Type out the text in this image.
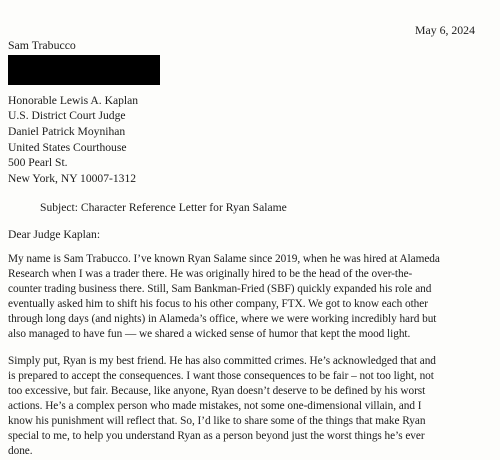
May 6, 2024
Sam Trabucco
Honorable Lewis A. Kaplan
U.S. District Court Judge
Daniel Patrick Moynihan
United States Courthouse
500 Pearl St.
New York, NY 10007-1312
Subject: Character Reference Letter for Ryan Salame
Dear Judge Kaplan:
My name is Sam Trabucco. I’ve known Ryan Salame since 2019, when he was hired at Alameda
Research when I was a trader there. He was originally hired to be the head of the over-the-
counter trading business there. Still, Sam Bankman-Fried (SBF) quickly expanded his role and
eventually asked him to shift his focus to his other company, FTX. We got to know each other
through long days (and nights) in Alameda’s office, where we were working incredibly hard but
also managed to have fun — we shared a wicked sense of humor that kept the mood light.
Simply put, Ryan is my best friend. He has also committed crimes. He’s acknowledged that and
is prepared to accept the consequences. I want those consequences to be fair – not too light, not
too excessive, but fair. Because, like anyone, Ryan doesn’t deserve to be defined by his worst
actions. He’s a complex person who made mistakes, not some one-dimensional villain, and I
know his punishment will reflect that. So, I’d like to share some of the things that make Ryan
special to me, to help you understand Ryan as a person beyond just the worst things he’s ever
done.
